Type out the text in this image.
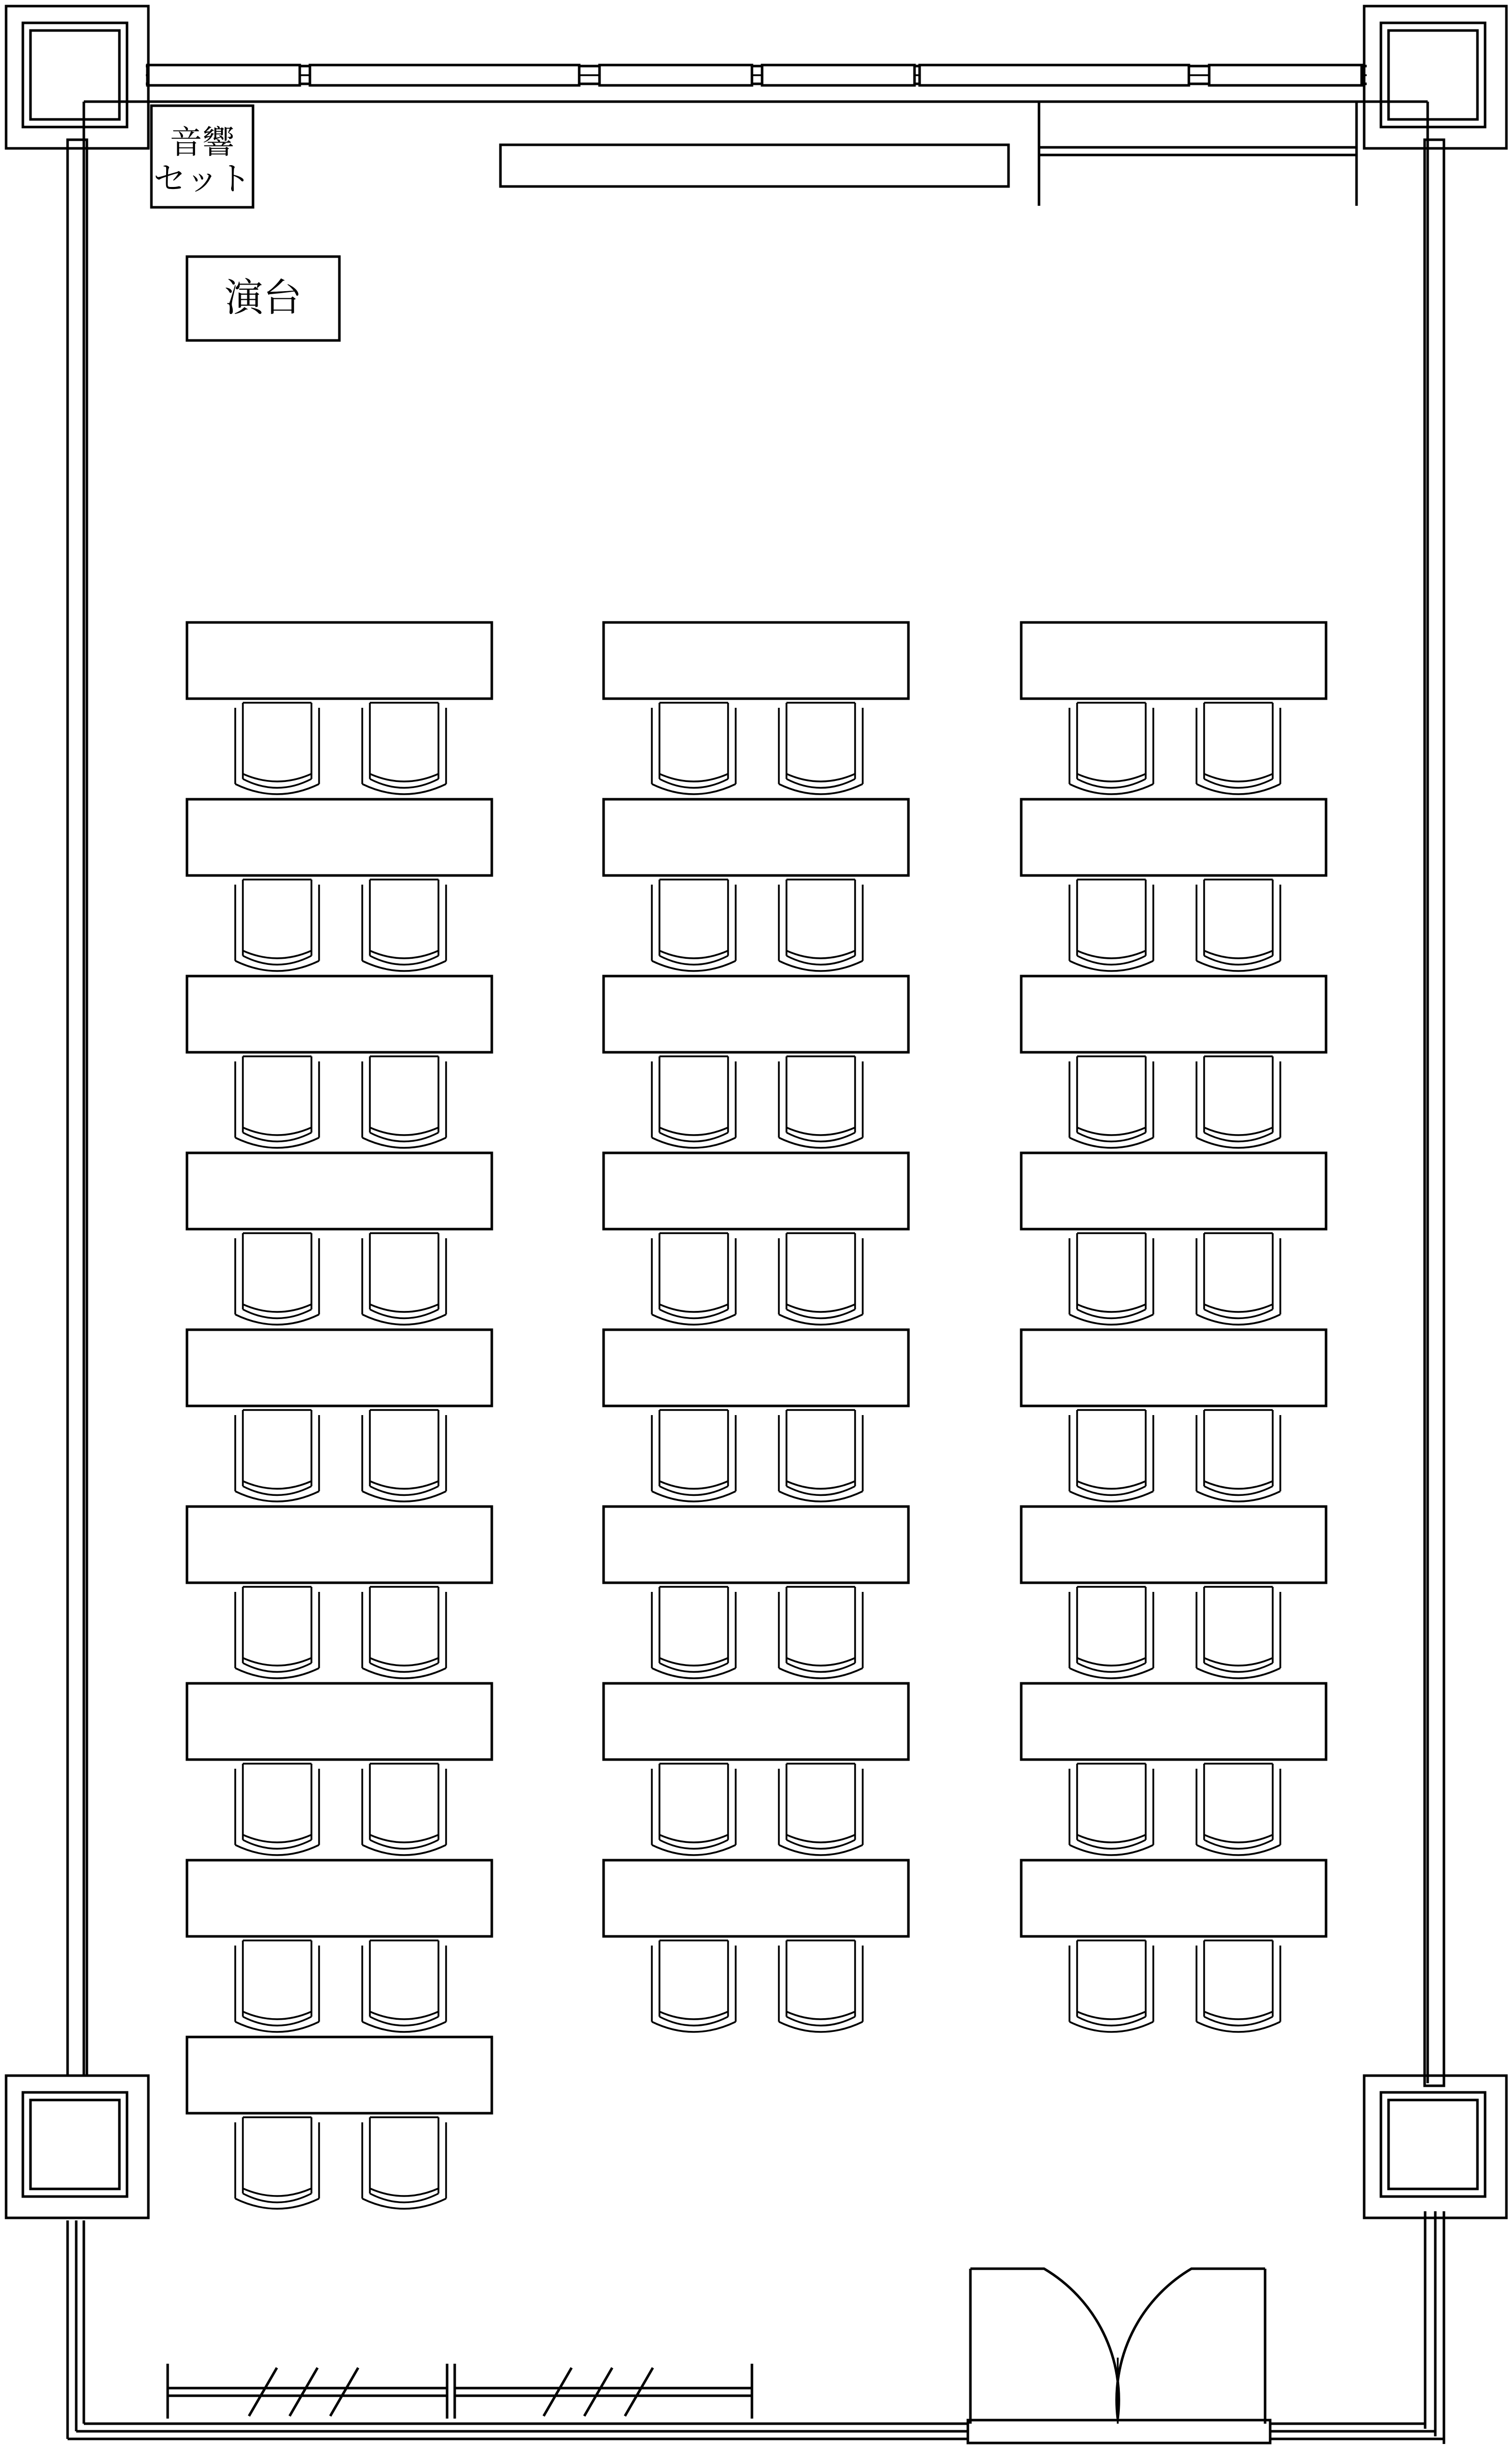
音響
セット
演台
